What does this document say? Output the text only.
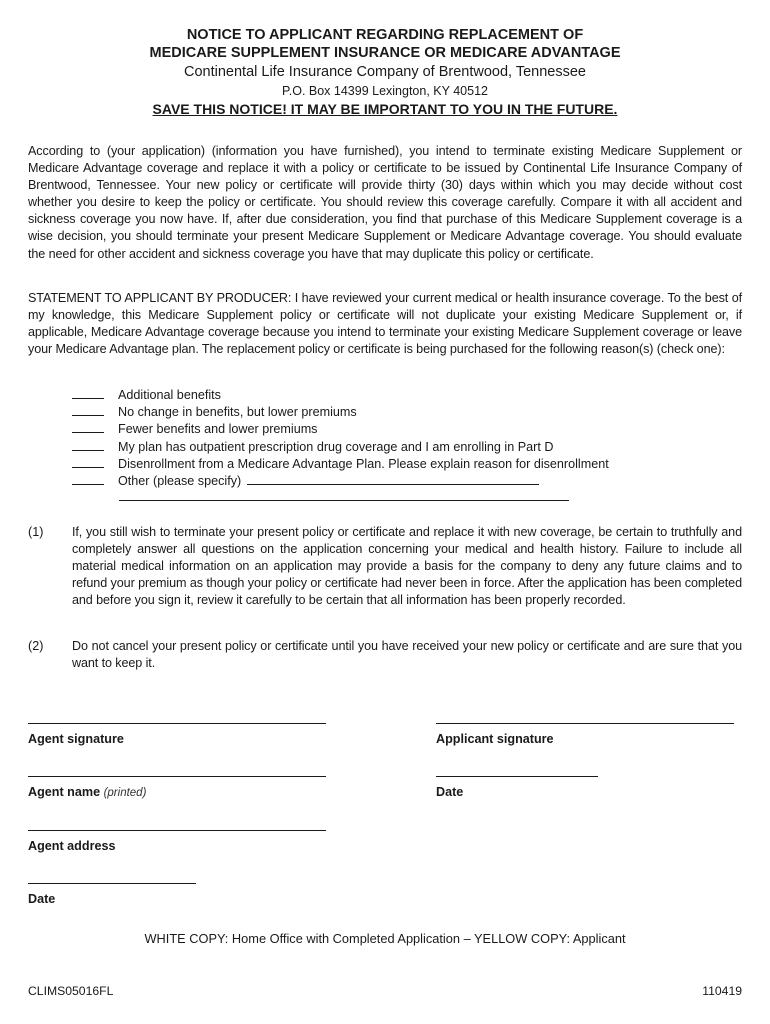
NOTICE TO APPLICANT REGARDING REPLACEMENT OF
MEDICARE SUPPLEMENT INSURANCE OR MEDICARE ADVANTAGE
Continental Life Insurance Company of Brentwood, Tennessee
P.O. Box 14399 Lexington, KY 40512
SAVE THIS NOTICE! IT MAY BE IMPORTANT TO YOU IN THE FUTURE.
According to (your application) (information you have furnished), you intend to terminate existing Medicare Supplement or Medicare Advantage coverage and replace it with a policy or certificate to be issued by Continental Life Insurance Company of Brentwood, Tennessee. Your new policy or certificate will provide thirty (30) days within which you may decide without cost whether you desire to keep the policy or certificate. You should review this coverage carefully. Compare it with all accident and sickness coverage you now have. If, after due consideration, you find that purchase of this Medicare Supplement coverage is a wise decision, you should terminate your present Medicare Supplement or Medicare Advantage coverage. You should evaluate the need for other accident and sickness coverage you have that may duplicate this policy or certificate.
STATEMENT TO APPLICANT BY PRODUCER: I have reviewed your current medical or health insurance coverage. To the best of my knowledge, this Medicare Supplement policy or certificate will not duplicate your existing Medicare Supplement or, if applicable, Medicare Advantage coverage because you intend to terminate your existing Medicare Supplement coverage or leave your Medicare Advantage plan. The replacement policy or certificate is being purchased for the following reason(s) (check one):
Additional benefits
No change in benefits, but lower premiums
Fewer benefits and lower premiums
My plan has outpatient prescription drug coverage and I am enrolling in Part D
Disenrollment from a Medicare Advantage Plan. Please explain reason for disenrollment
Other (please specify)
(1) If, you still wish to terminate your present policy or certificate and replace it with new coverage, be certain to truthfully and completely answer all questions on the application concerning your medical and health history. Failure to include all material medical information on an application may provide a basis for the company to deny any future claims and to refund your premium as though your policy or certificate had never been in force. After the application has been completed and before you sign it, review it carefully to be certain that all information has been properly recorded.
(2) Do not cancel your present policy or certificate until you have received your new policy or certificate and are sure that you want to keep it.
Agent signature	Applicant signature
Agent name (printed)	Date
Agent address
Date
WHITE COPY: Home Office with Completed Application – YELLOW COPY: Applicant
CLIMS05016FL	110419
